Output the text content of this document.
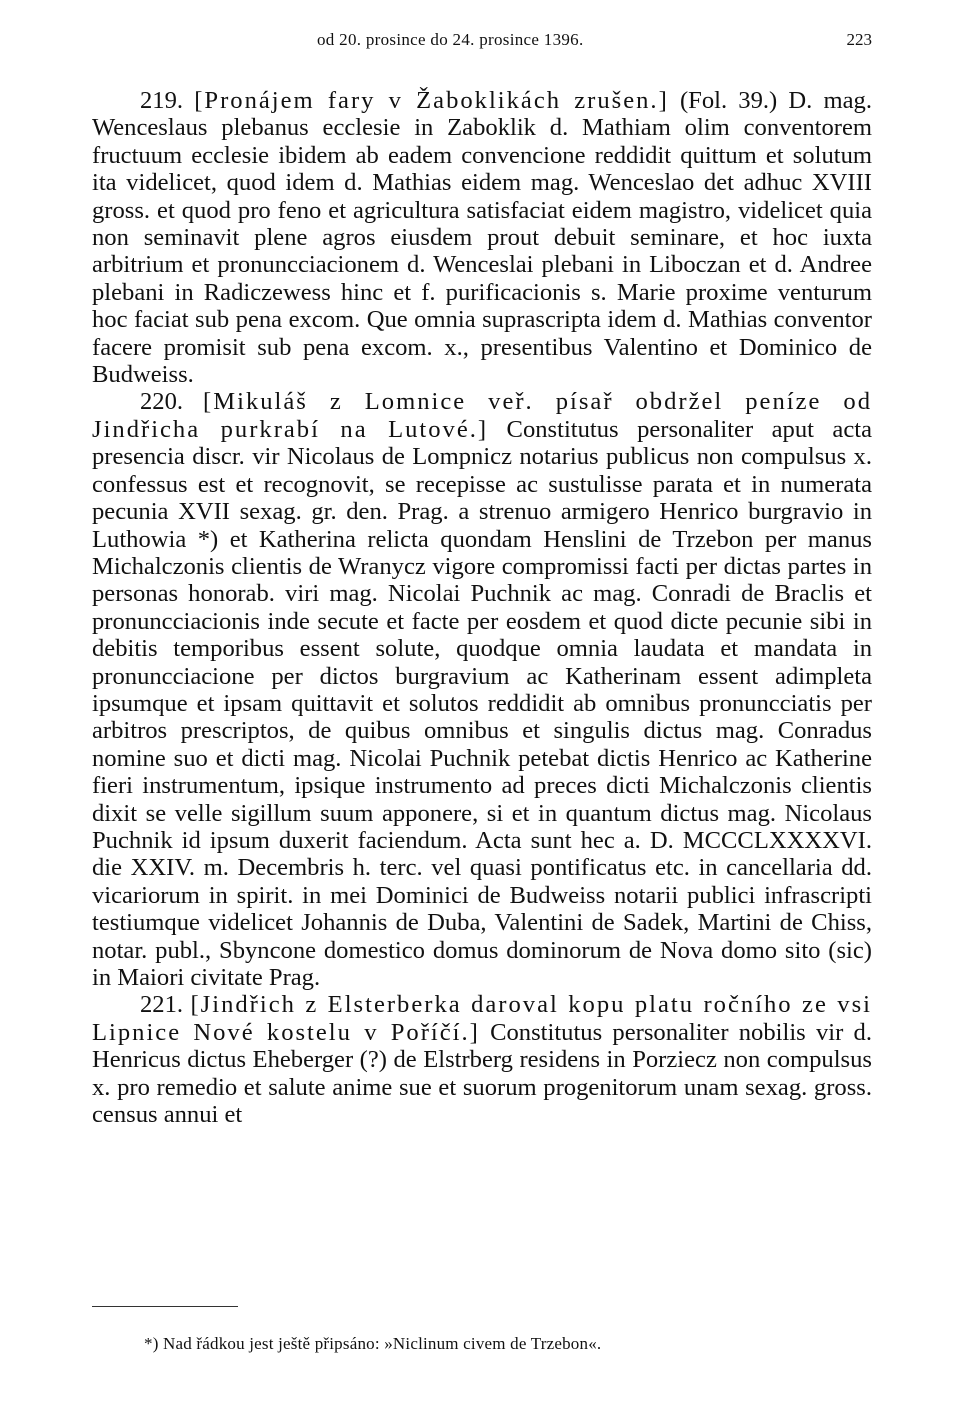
od 20. prosince do 24. prosince 1396.	223

219. [Pronájem fary v Žaboklikách zrušen.] (Fol. 39.) D. mag. Wenceslaus plebanus ecclesie in Zaboklik d. Mathiam olim conventorem fructuum ecclesie ibidem ab eadem convencione reddidit quittum et solutum ita videlicet, quod idem d. Mathias eidem mag. Wenceslao det adhuc XVIII gross. et quod pro feno et agricultura satisfaciat eidem magistro, videlicet quia non seminavit plene agros eiusdem prout debuit seminare, et hoc iuxta arbitrium et pronuncciacionem d. Wenceslai plebani in Liboczan et d. Andree plebani in Radiczewess hinc et f. purificacionis s. Marie proxime venturum hoc faciat sub pena excom. Que omnia suprascripta idem d. Mathias conventor facere promisit sub pena excom. x., presentibus Valentino et Dominico de Budweiss.

220. [Mikuláš z Lomnice veř. písař obdržel peníze od Jindřicha purkrabí na Lutové.] Constitutus personaliter aput acta presencia discr. vir Nicolaus de Lompnicz notarius publicus non compulsus x. confessus est et recognovit, se recepisse ac sustulisse parata et in numerata pecunia XVII sexag. gr. den. Prag. a strenuo armigero Henrico burgravio in Luthowia *) et Katherina relicta quondam Henslini de Trzebon per manus Michalczonis clientis de Wranycz vigore compromissi facti per dictas partes in personas honorab. viri mag. Nicolai Puchnik ac mag. Conradi de Braclis et pronuncciacionis inde secute et facte per eosdem et quod dicte pecunie sibi in debitis temporibus essent solute, quodque omnia laudata et mandata in pronuncciacione per dictos burgravium ac Katherinam essent adimpleta ipsumque et ipsam quittavit et solutos reddidit ab omnibus pronuncciatis per arbitros prescriptos, de quibus omnibus et singulis dictus mag. Conradus nomine suo et dicti mag. Nicolai Puchnik petebat dictis Henrico ac Katherine fieri instrumentum, ipsique instrumento ad preces dicti Michalczonis clientis dixit se velle sigillum suum apponere, si et in quantum dictus mag. Nicolaus Puchnik id ipsum duxerit faciendum. Acta sunt hec a. D. MCCCLXXXXVI. die XXIV. m. Decembris h. terc. vel quasi pontificatus etc. in cancellaria dd. vicariorum in spirit. in mei Dominici de Budweiss notarii publici infrascripti testiumque videlicet Johannis de Duba, Valentini de Sadek, Martini de Chiss, notar. publ., Sbyncone domestico domus dominorum de Nova domo sito (sic) in Maiori civitate Prag.

221. [Jindřich z Elsterberka daroval kopu platu ročního ze vsi Lipnice Nové kostelu v Poříčí.] Constitutus personaliter nobilis vir d. Henricus dictus Eheberger (?) de Elstrberg residens in Porziecz non compulsus x. pro remedio et salute anime sue et suorum progenitorum unam sexag. gross. census annui et

*) Nad řádkou jest ještě připsáno: »Niclinum civem de Trzebon«.
